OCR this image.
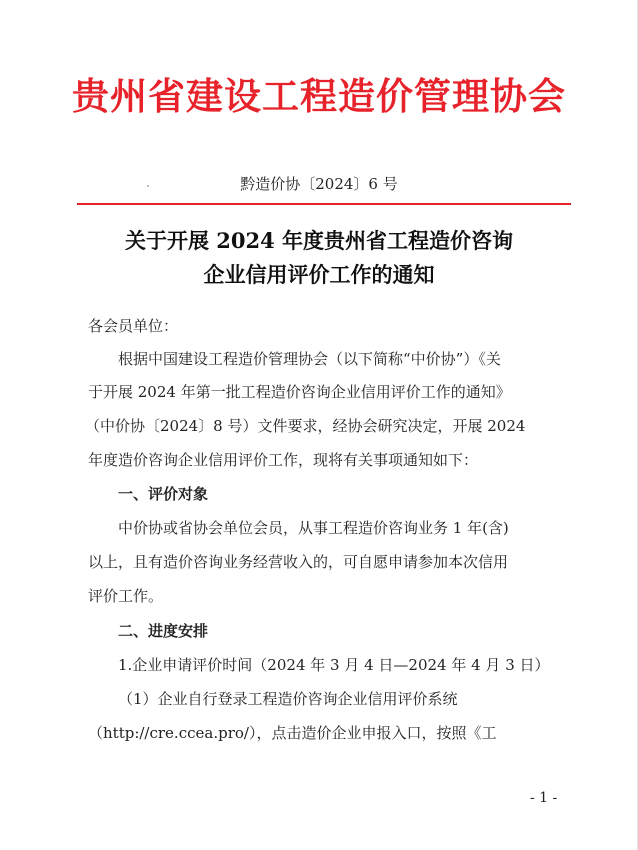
贵州省建设工程造价管理协会
黔造价协〔2024〕6 号
关于开展 2024 年度贵州省工程造价咨询
企业信用评价工作的通知
各会员单位：
根据中国建设工程造价管理协会（以下简称“中价协”）《关
于开展 2024 年第一批工程造价咨询企业信用评价工作的通知》
（中价协〔2024〕8 号）文件要求，经协会研究决定，开展 2024
年度造价咨询企业信用评价工作，现将有关事项通知如下：
一、评价对象
中价协或省协会单位会员，从事工程造价咨询业务 1 年(含)
以上，且有造价咨询业务经营收入的，可自愿申请参加本次信用
评价工作。
二、进度安排
1.企业申请评价时间（2024 年 3 月 4 日—2024 年 4 月 3 日）
（1）企业自行登录工程造价咨询企业信用评价系统
（http://cre.ccea.pro/），点击造价企业申报入口，按照《工
- 1 -
